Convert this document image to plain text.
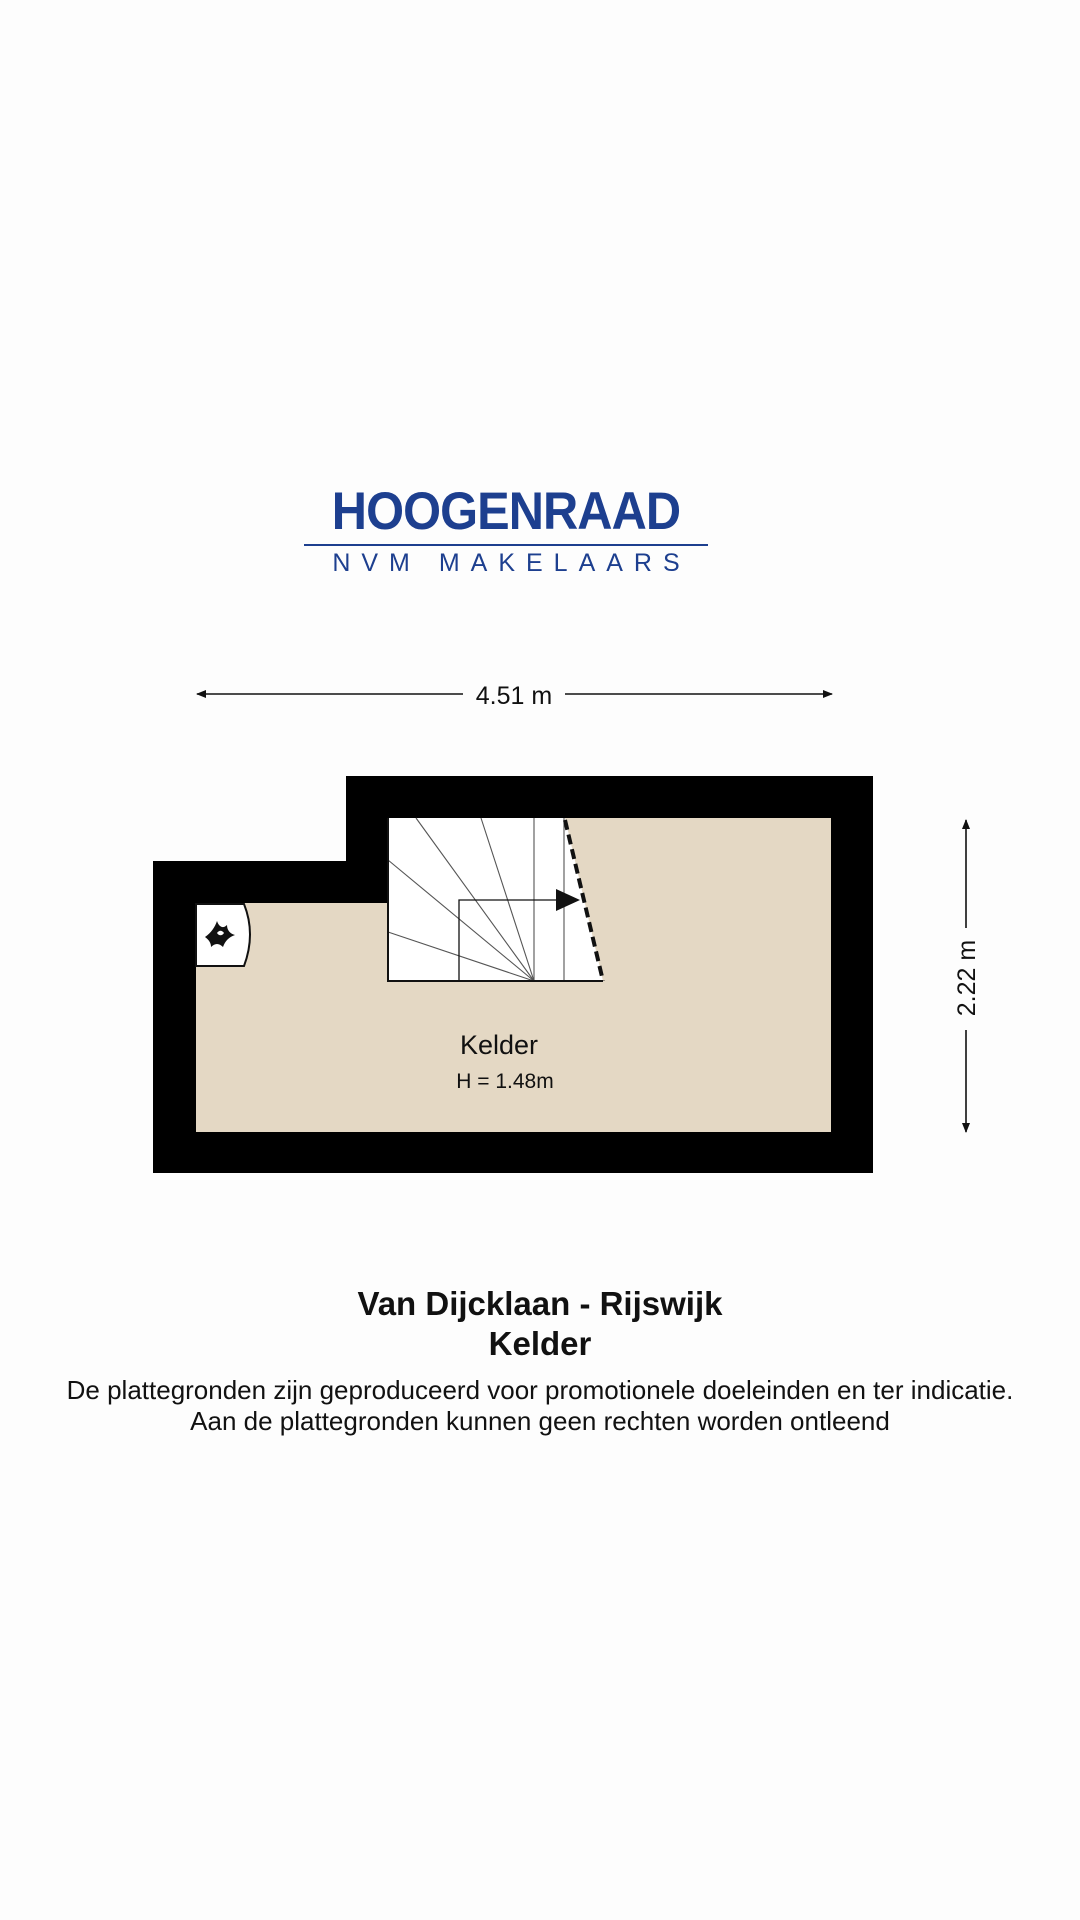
HOOGENRAAD
NVM MAKELAARS
4.51 m
2.22 m
Kelder
H = 1.48m
Van Dijcklaan - Rijswijk
Kelder
De plattegronden zijn geproduceerd voor promotionele doeleinden en ter indicatie.
Aan de plattegronden kunnen geen rechten worden ontleend
